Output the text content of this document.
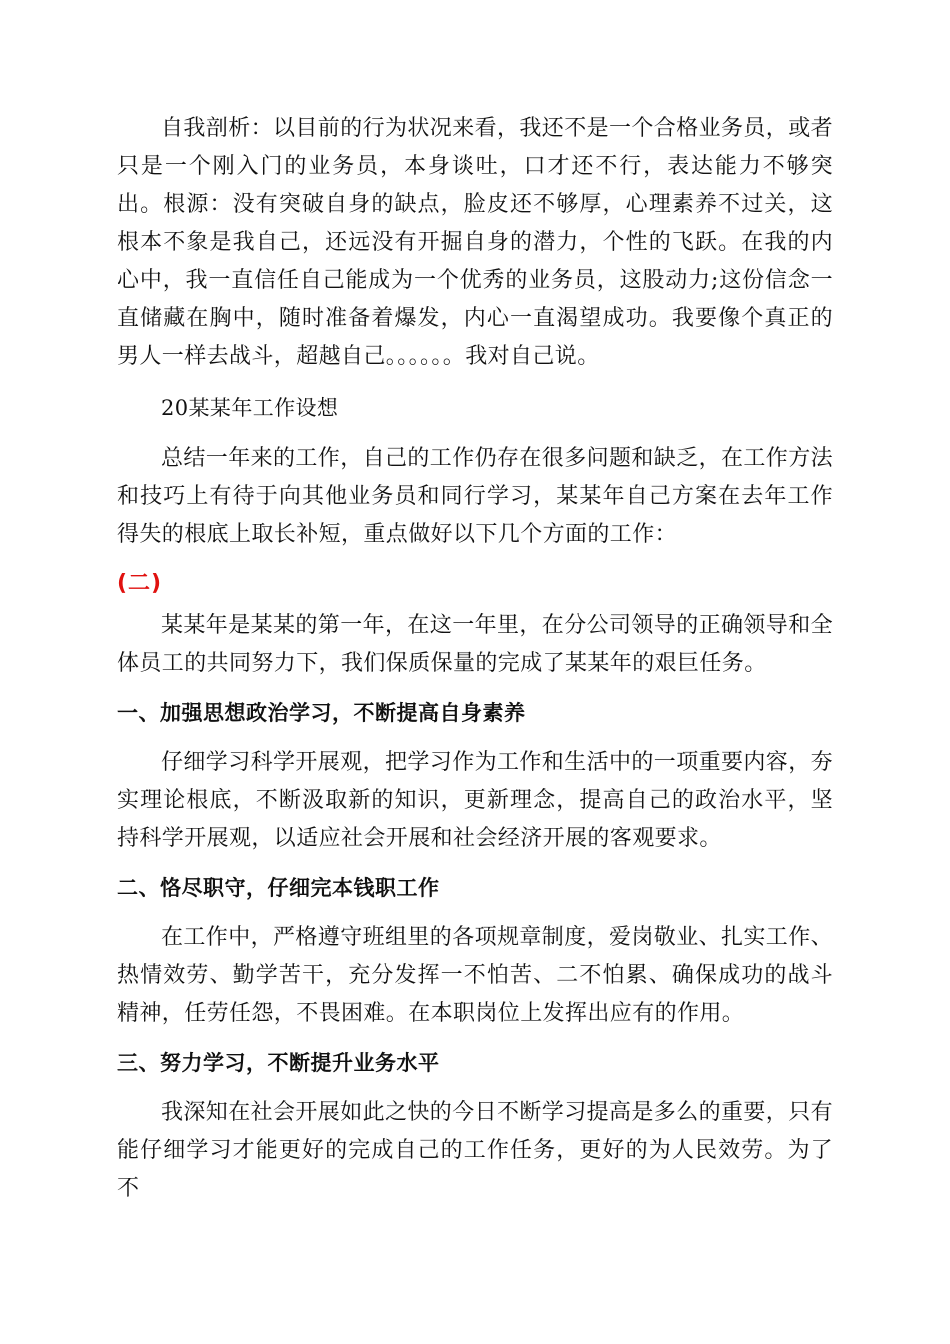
自我剖析：以目前的行为状况来看，我还不是一个合格业务员，或者只是一个刚入门的业务员，本身谈吐，口才还不行，表达能力不够突出。根源：没有突破自身的缺点，脸皮还不够厚，心理素养不过关，这根本不象是我自己，还远没有开掘自身的潜力，个性的飞跃。在我的内心中，我一直信任自己能成为一个优秀的业务员，这股动力;这份信念一直储藏在胸中，随时准备着爆发，内心一直渴望成功。我要像个真正的男人一样去战斗，超越自己。。。。。。我对自己说。

20某某年工作设想

总结一年来的工作，自己的工作仍存在很多问题和缺乏，在工作方法和技巧上有待于向其他业务员和同行学习，某某年自己方案在去年工作得失的根底上取长补短，重点做好以下几个方面的工作：

(二)

某某年是某某的第一年，在这一年里，在分公司领导的正确领导和全体员工的共同努力下，我们保质保量的完成了某某年的艰巨任务。

一、加强思想政治学习，不断提高自身素养

仔细学习科学开展观，把学习作为工作和生活中的一项重要内容，夯实理论根底，不断汲取新的知识，更新理念，提高自己的政治水平，坚持科学开展观，以适应社会开展和社会经济开展的客观要求。

二、恪尽职守，仔细完本钱职工作

在工作中，严格遵守班组里的各项规章制度，爱岗敬业、扎实工作、热情效劳、勤学苦干，充分发挥一不怕苦、二不怕累、确保成功的战斗精神，任劳任怨，不畏困难。在本职岗位上发挥出应有的作用。

三、努力学习，不断提升业务水平

我深知在社会开展如此之快的今日不断学习提高是多么的重要，只有能仔细学习才能更好的完成自己的工作任务，更好的为人民效劳。为了不
